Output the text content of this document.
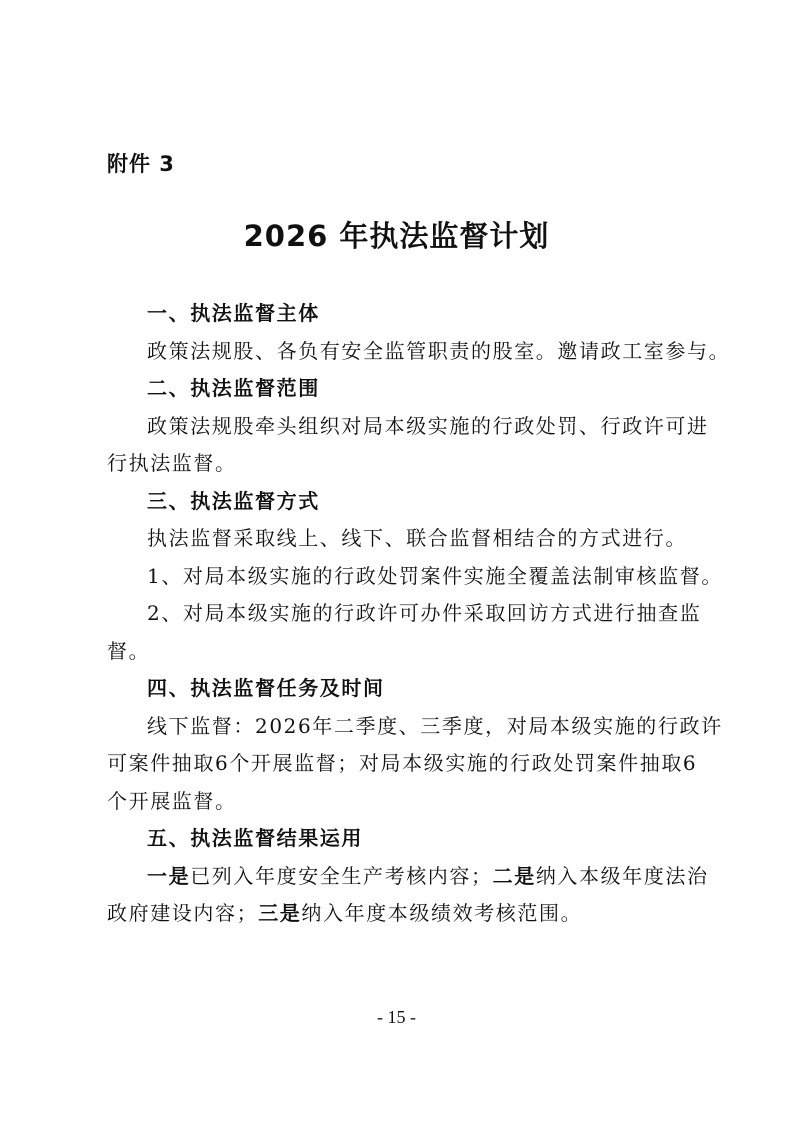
附件 3
2026 年执法监督计划
一、执法监督主体
政策法规股、各负有安全监管职责的股室。邀请政工室参与。
二、执法监督范围
政策法规股牵头组织对局本级实施的行政处罚、行政许可进
行执法监督。
三、执法监督方式
执法监督采取线上、线下、联合监督相结合的方式进行。
1、对局本级实施的行政处罚案件实施全覆盖法制审核监督。
2、对局本级实施的行政许可办件采取回访方式进行抽查监
督。
四、执法监督任务及时间
线下监督：2026年二季度、三季度，对局本级实施的行政许
可案件抽取6个开展监督；对局本级实施的行政处罚案件抽取6
个开展监督。
五、执法监督结果运用
一是已列入年度安全生产考核内容；二是纳入本级年度法治
政府建设内容；三是纳入年度本级绩效考核范围。
- 15 -
